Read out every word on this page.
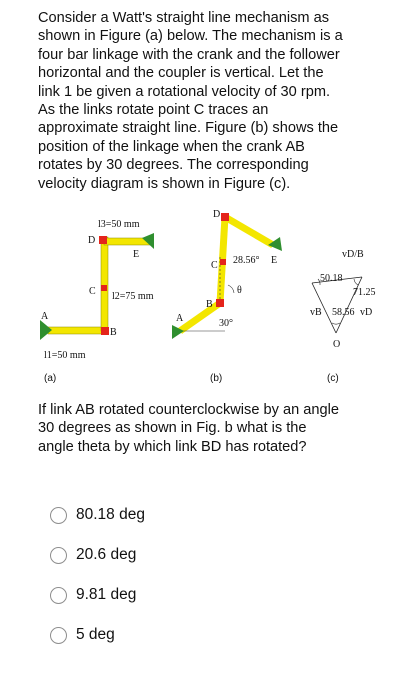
Consider a Watt's straight line mechanism as
shown in Figure (a) below. The mechanism is a
four bar linkage with the crank and the follower
horizontal and the coupler is vertical. Let the
link 1 be given a rotational velocity of 30 rpm.
As the links rotate point C traces an
approximate straight line. Figure (b) shows the
position of the linkage when the crank AB
rotates by 30 degrees. The corresponding
velocity diagram is shown in Figure (c).
l3=50 mm
D
E
C l2=75 mm
A
B
l1=50 mm
(a)
D
C 28.56° E
B
θ
A	30°
(b)
vD/B
50.18
71.25
vB 58.56 vD
O
(c)
If link AB rotated counterclockwise by an angle
30 degrees as shown in Fig. b what is the
angle theta by which link BD has rotated?
80.18 deg
20.6 deg
9.81 deg
5 deg
